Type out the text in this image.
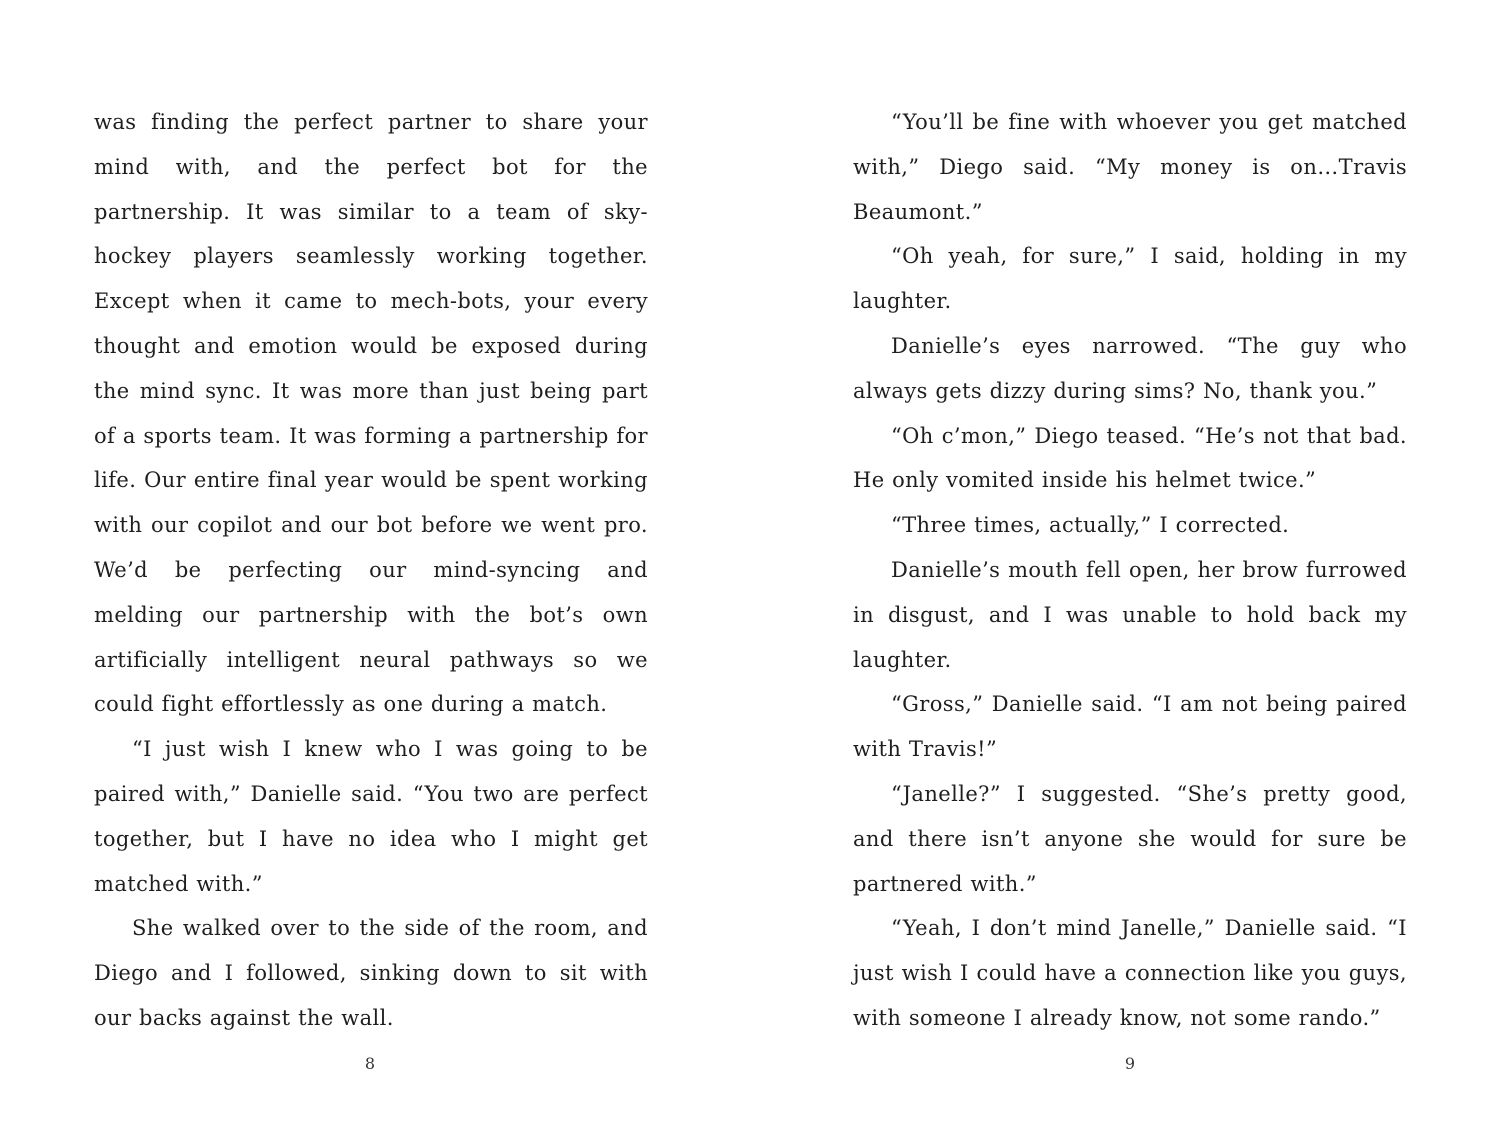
was finding the perfect partner to share your mind with, and the perfect bot for the partnership. It was similar to a team of sky-hockey players seamlessly working together. Except when it came to mech-bots, your every thought and emotion would be exposed during the mind sync. It was more than just being part of a sports team. It was forming a partnership for life. Our entire final year would be spent working with our copilot and our bot before we went pro. We’d be perfecting our mind-syncing and melding our partnership with the bot’s own artificially intelligent neural pathways so we could fight effortlessly as one during a match.

“I just wish I knew who I was going to be paired with,” Danielle said. “You two are perfect together, but I have no idea who I might get matched with.”

She walked over to the side of the room, and Diego and I followed, sinking down to sit with our backs against the wall.

“You’ll be fine with whoever you get matched with,” Diego said. “My money is on…Travis Beaumont.”

“Oh yeah, for sure,” I said, holding in my laughter.

Danielle’s eyes narrowed. “The guy who always gets dizzy during sims? No, thank you.”

“Oh c’mon,” Diego teased. “He’s not that bad. He only vomited inside his helmet twice.”

“Three times, actually,” I corrected.

Danielle’s mouth fell open, her brow furrowed in disgust, and I was unable to hold back my laughter.

“Gross,” Danielle said. “I am not being paired with Travis!”

“Janelle?” I suggested. “She’s pretty good, and there isn’t anyone she would for sure be partnered with.”

“Yeah, I don’t mind Janelle,” Danielle said. “I just wish I could have a connection like you guys, with someone I already know, not some rando.”

8	9
